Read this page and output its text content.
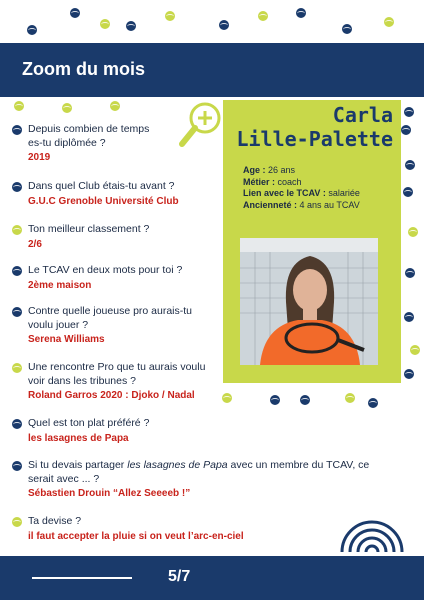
Zoom du mois
Depuis combien de temps
es-tu diplômée ?
2019
Dans quel Club étais-tu avant ?
G.U.C Grenoble Université Club
Ton meilleur classement ?
2/6
Le TCAV en deux mots pour toi ?
2ème maison
Contre quelle joueuse pro aurais-tu
voulu jouer ?
Serena Williams
Une rencontre Pro que tu aurais voulu
voir dans les tribunes ?
Roland Garros 2020 : Djoko / Nadal
Quel est ton plat préféré ?
les lasagnes de Papa
Si tu devais partager les lasagnes de Papa avec un membre du TCAV, ce
serait avec ... ?
Sébastien Drouin “Allez Seeeeb !”
Ta devise ?
il faut accepter la pluie si on veut l’arc-en-ciel
Carla
Lille-Palette
Age : 26 ans
Métier : coach
Lien avec le TCAV : salariée
Ancienneté : 4 ans au TCAV
5/7
